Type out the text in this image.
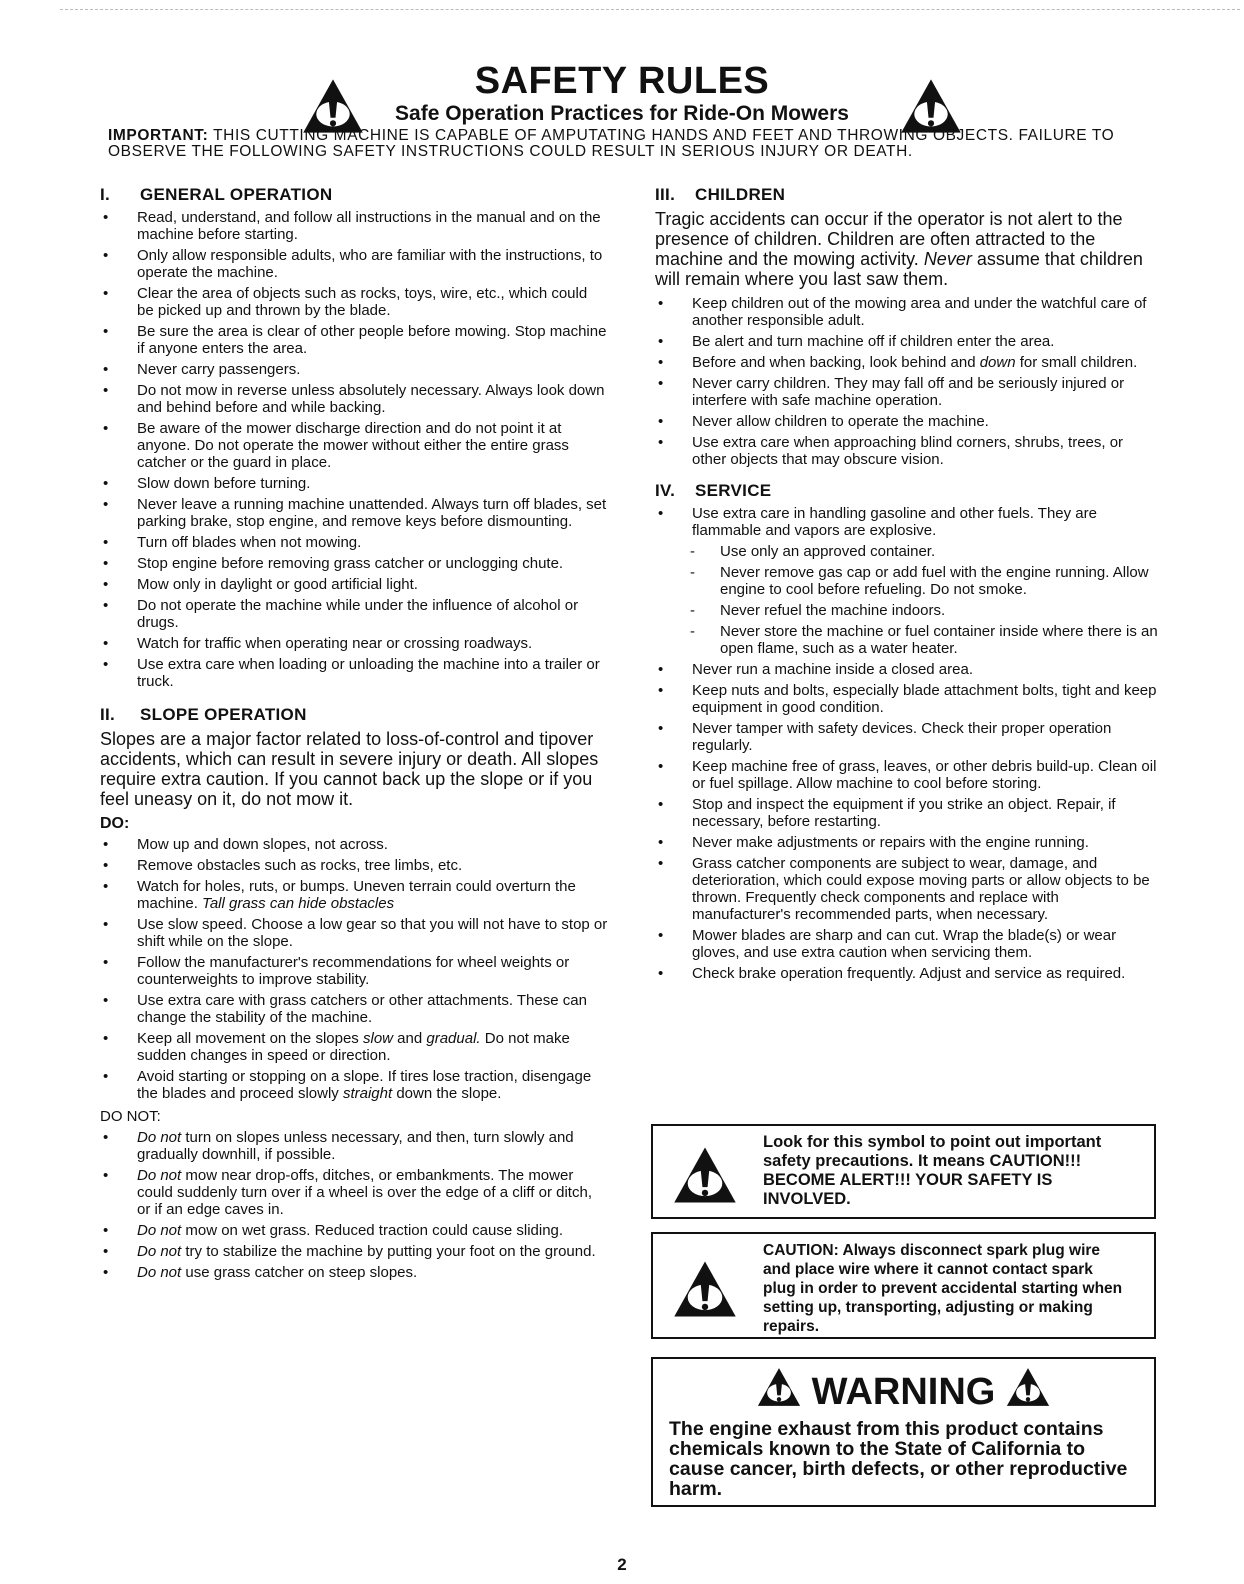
SAFETY RULES
Safe Operation Practices for Ride-On Mowers
IMPORTANT: THIS CUTTING MACHINE IS CAPABLE OF AMPUTATING HANDS AND FEET AND THROWING OBJECTS. FAILURE TO OBSERVE THE FOLLOWING SAFETY INSTRUCTIONS COULD RESULT IN SERIOUS INJURY OR DEATH.
I. GENERAL OPERATION
• Read, understand, and follow all instructions in the manual and on the machine before starting.
• Only allow responsible adults, who are familiar with the instructions, to operate the machine.
• Clear the area of objects such as rocks, toys, wire, etc., which could be picked up and thrown by the blade.
• Be sure the area is clear of other people before mowing. Stop machine if anyone enters the area.
• Never carry passengers.
• Do not mow in reverse unless absolutely necessary. Always look down and behind before and while backing.
• Be aware of the mower discharge direction and do not point it at anyone. Do not operate the mower without either the entire grass catcher or the guard in place.
• Slow down before turning.
• Never leave a running machine unattended. Always turn off blades, set parking brake, stop engine, and remove keys before dismounting.
• Turn off blades when not mowing.
• Stop engine before removing grass catcher or unclogging chute.
• Mow only in daylight or good artificial light.
• Do not operate the machine while under the influence of alcohol or drugs.
• Watch for traffic when operating near or crossing roadways.
• Use extra care when loading or unloading the machine into a trailer or truck.
II. SLOPE OPERATION

Slopes are a major factor related to loss-of-control and tipover accidents, which can result in severe injury or death. All slopes require extra caution. If you cannot back up the slope or if you feel uneasy on it, do not mow it.

DO:
• Mow up and down slopes, not across.
• Remove obstacles such as rocks, tree limbs, etc.
• Watch for holes, ruts, or bumps. Uneven terrain could overturn the machine. Tall grass can hide obstacles
• Use slow speed. Choose a low gear so that you will not have to stop or shift while on the slope.
• Follow the manufacturer's recommendations for wheel weights or counterweights to improve stability.
• Use extra care with grass catchers or other attachments. These can change the stability of the machine.
• Keep all movement on the slopes slow and gradual. Do not make sudden changes in speed or direction.
• Avoid starting or stopping on a slope. If tires lose traction, disengage the blades and proceed slowly straight down the slope.
DO NOT:
• Do not turn on slopes unless necessary, and then, turn slowly and gradually downhill, if possible.
• Do not mow near drop-offs, ditches, or embankments. The mower could suddenly turn over if a wheel is over the edge of a cliff or ditch, or if an edge caves in.
• Do not mow on wet grass. Reduced traction could cause sliding.
• Do not try to stabilize the machine by putting your foot on the ground.
• Do not use grass catcher on steep slopes.
III. CHILDREN

Tragic accidents can occur if the operator is not alert to the presence of children. Children are often attracted to the machine and the mowing activity. Never assume that children will remain where you last saw them.

• Keep children out of the mowing area and under the watchful care of another responsible adult.
• Be alert and turn machine off if children enter the area.
• Before and when backing, look behind and down for small children.
• Never carry children. They may fall off and be seriously injured or interfere with safe machine operation.
• Never allow children to operate the machine.
• Use extra care when approaching blind corners, shrubs, trees, or other objects that may obscure vision.
IV. SERVICE
• Use extra care in handling gasoline and other fuels. They are flammable and vapors are explosive.
- Use only an approved container.
- Never remove gas cap or add fuel with the engine running. Allow engine to cool before refueling. Do not smoke.
- Never refuel the machine indoors.
- Never store the machine or fuel container inside where there is an open flame, such as a water heater.
• Never run a machine inside a closed area.
• Keep nuts and bolts, especially blade attachment bolts, tight and keep equipment in good condition.
• Never tamper with safety devices. Check their proper operation regularly.
• Keep machine free of grass, leaves, or other debris build-up. Clean oil or fuel spillage. Allow machine to cool before storing.
• Stop and inspect the equipment if you strike an object. Repair, if necessary, before restarting.
• Never make adjustments or repairs with the engine running.
• Grass catcher components are subject to wear, damage, and deterioration, which could expose moving parts or allow objects to be thrown. Frequently check components and replace with manufacturer's recommended parts, when necessary.
• Mower blades are sharp and can cut. Wrap the blade(s) or wear gloves, and use extra caution when servicing them.
• Check brake operation frequently. Adjust and service as required.
Look for this symbol to point out important safety precautions. It means CAUTION!!! BECOME ALERT!!! YOUR SAFETY IS INVOLVED.
CAUTION: Always disconnect spark plug wire and place wire where it cannot contact spark plug in order to prevent accidental starting when setting up, transporting, adjusting or making repairs.
WARNING
The engine exhaust from this product contains chemicals known to the State of California to cause cancer, birth defects, or other reproductive harm.
2
